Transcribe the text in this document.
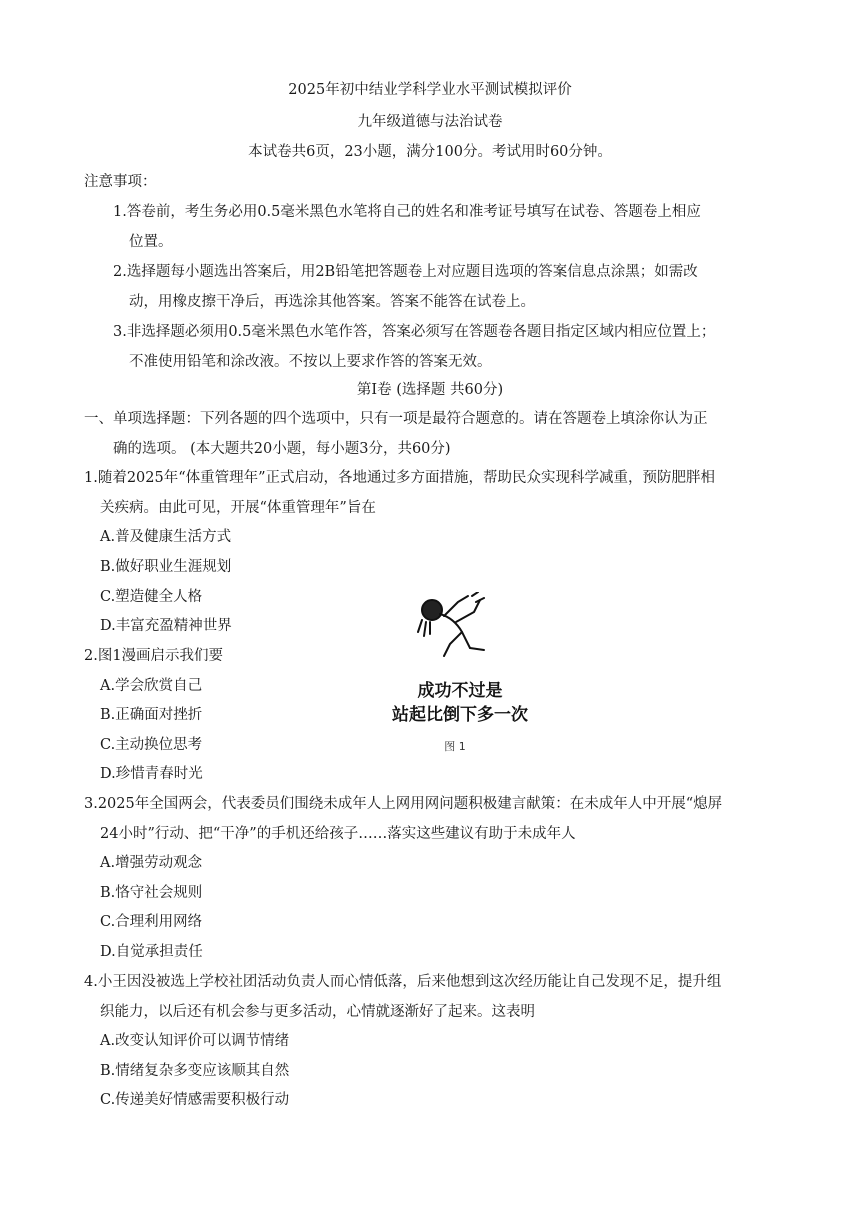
2025年初中结业学科学业水平测试模拟评价
九年级道德与法治试卷
本试卷共6页，23小题，满分100分。考试用时60分钟。
注意事项：
1.答卷前，考生务必用0.5毫米黑色水笔将自己的姓名和准考证号填写在试卷、答题卷上相应
位置。
2.选择题每小题选出答案后，用2B铅笔把答题卷上对应题目选项的答案信息点涂黑；如需改
动，用橡皮擦干净后，再选涂其他答案。答案不能答在试卷上。
3.非选择题必须用0.5毫米黑色水笔作答，答案必须写在答题卷各题目指定区域内相应位置上；
不准使用铅笔和涂改液。不按以上要求作答的答案无效。
第Ⅰ卷 (选择题 共60分)
一、单项选择题：下列各题的四个选项中，只有一项是最符合题意的。请在答题卷上填涂你认为正
确的选项。 (本大题共20小题，每小题3分，共60分)
1.随着2025年“体重管理年”正式启动，各地通过多方面措施，帮助民众实现科学减重，预防肥胖相
关疾病。由此可见，开展“体重管理年”旨在
A.普及健康生活方式
B.做好职业生涯规划
C.塑造健全人格
D.丰富充盈精神世界
2.图1漫画启示我们要
A.学会欣赏自己
B.正确面对挫折
C.主动换位思考
D.珍惜青春时光
成功不过是
站起比倒下多一次
图 1
3.2025年全国两会，代表委员们围绕未成年人上网用网问题积极建言献策：在未成年人中开展“熄屏
24小时”行动、把“干净”的手机还给孩子……落实这些建议有助于未成年人
A.增强劳动观念
B.恪守社会规则
C.合理利用网络
D.自觉承担责任
4.小王因没被选上学校社团活动负责人而心情低落，后来他想到这次经历能让自己发现不足，提升组
织能力，以后还有机会参与更多活动，心情就逐渐好了起来。这表明
A.改变认知评价可以调节情绪
B.情绪复杂多变应该顺其自然
C.传递美好情感需要积极行动
